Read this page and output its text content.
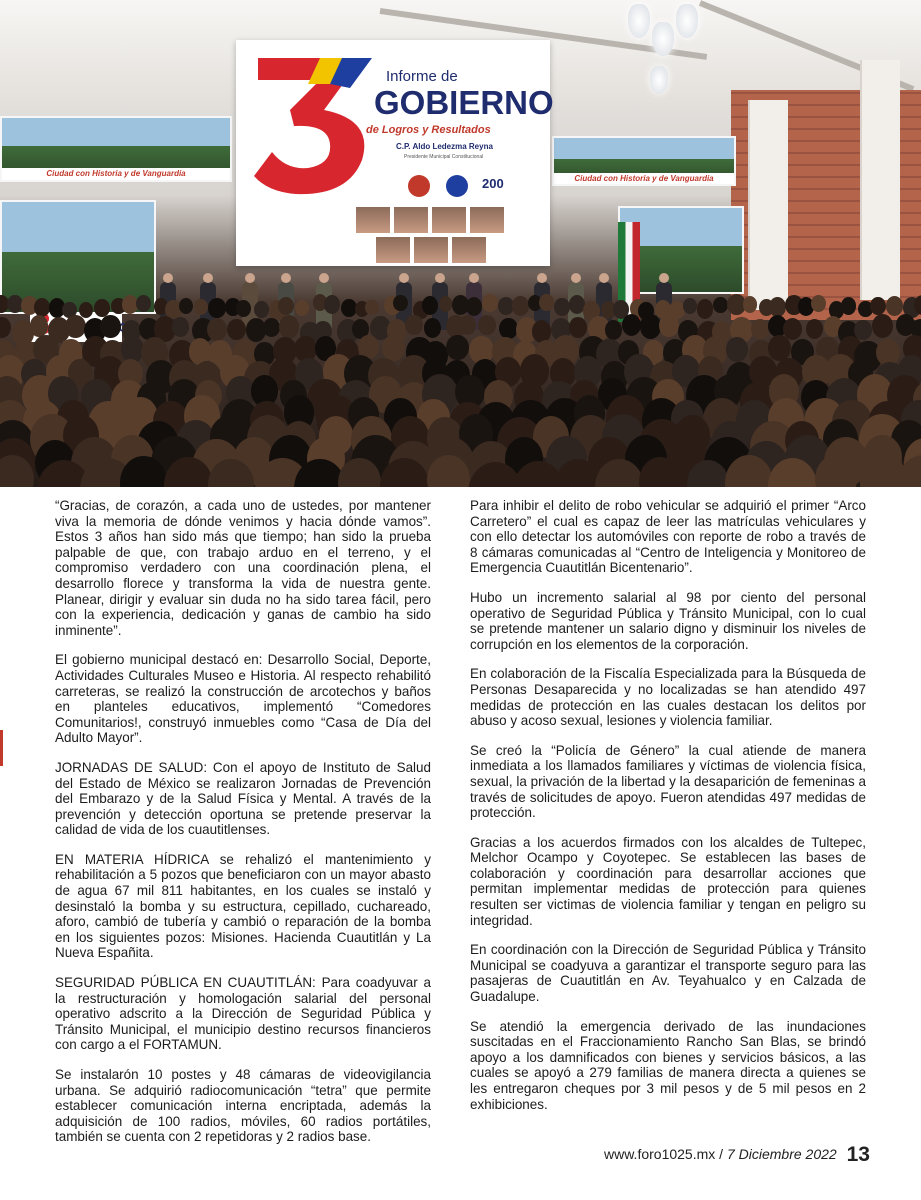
Ciudad con Historia y de Vanguardia
Ciudad con Historia y de Vanguardia
Informe de
GOBIERNO
de Logros y Resultados
C.P. Aldo Ledezma Reyna
Presidente Municipal Constitucional
200

“Gracias, de corazón, a cada uno de ustedes, por mantener viva la memoria de dónde venimos y hacia dónde vamos”. Estos 3 años han sido más que tiempo; han sido la prueba palpable de que, con trabajo arduo en el terreno, y el compromiso verdadero con una coordinación plena, el desarrollo florece y transforma la vida de nuestra gente. Planear, dirigir y evaluar sin duda no ha sido tarea fácil, pero con la experiencia, dedicación y ganas de cambio ha sido inminente”.

El gobierno municipal destacó en: Desarrollo Social, Deporte, Actividades Culturales Museo e Historia. Al respecto rehabilitó carreteras, se realizó la construcción de arcotechos y baños en planteles educativos, implementó “Comedores Comunitarios!, construyó inmuebles como “Casa de Día del Adulto Mayor”.

JORNADAS DE SALUD: Con el apoyo de Instituto de Salud del Estado de México se realizaron Jornadas de Prevención del Embarazo y de la Salud Física y Mental. A través de la prevención y detección oportuna se pretende preservar la calidad de vida de los cuautitlenses.

EN MATERIA HÍDRICA se rehalizó el mantenimiento y rehabilitación a 5 pozos que beneficiaron con un mayor abasto de agua 67 mil 811 habitantes, en los cuales se instaló y desinstaló la bomba y su estructura, cepillado, cuchareado, aforo, cambió de tubería y cambió o reparación de la bomba en los siguientes pozos: Misiones. Hacienda Cuautitlán y La Nueva Españita.

SEGURIDAD PÚBLICA EN CUAUTITLÁN: Para coadyuvar a la restructuración y homologación salarial del personal operativo adscrito a la Dirección de Seguridad Pública y Tránsito Municipal, el municipio destino recursos financieros con cargo a el FORTAMUN.

Se instalarón 10 postes y 48 cámaras de videovigilancia urbana. Se adquirió radiocomunicación “tetra” que permite establecer comunicación interna encriptada, además la adquisición de 100 radios, móviles, 60 radios portátiles, también se cuenta con 2 repetidoras y 2 radios base.

Para inhibir el delito de robo vehicular se adquirió el primer “Arco Carretero” el cual es capaz de leer las matrículas vehiculares y con ello detectar los automóviles con reporte de robo a través de 8 cámaras comunicadas al “Centro de Inteligencia y Monitoreo de Emergencia Cuautitlán Bicentenario”.

Hubo un incremento salarial al 98 por ciento del personal operativo de Seguridad Pública y Tránsito Municipal, con lo cual se pretende mantener un salario digno y disminuir los niveles de corrupción en los elementos de la corporación.

En colaboración de la Fiscalía Especializada para la Búsqueda de Personas Desaparecida y no localizadas se han atendido 497 medidas de protección en las cuales destacan los delitos por abuso y acoso sexual, lesiones y violencia familiar.

Se creó la “Policía de Género” la cual atiende de manera inmediata a los llamados familiares y víctimas de violencia física, sexual, la privación de la libertad y la desaparición de femeninas a través de solicitudes de apoyo. Fueron atendidas 497 medidas de protección.

Gracias a los acuerdos firmados con los alcaldes de Tultepec, Melchor Ocampo y Coyotepec. Se establecen las bases de colaboración y coordinación para desarrollar acciones que permitan implementar medidas de protección para quienes resulten ser victimas de violencia familiar y tengan en peligro su integridad.

En coordinación con la Dirección de Seguridad Pública y Tránsito Municipal se coadyuva a garantizar el transporte seguro para las pasajeras de Cuautitlán en Av. Teyahualco y en Calzada de Guadalupe.

Se atendió la emergencia derivado de las inundaciones suscitadas en el Fraccionamiento Rancho San Blas, se brindó apoyo a los damnificados con bienes y servicios básicos, a las cuales se apoyó a 279 familias de manera directa a quienes se les entregaron cheques por 3 mil pesos y de 5 mil pesos en 2 exhibiciones.

www.foro1025.mx / 7 Diciembre 2022 13
